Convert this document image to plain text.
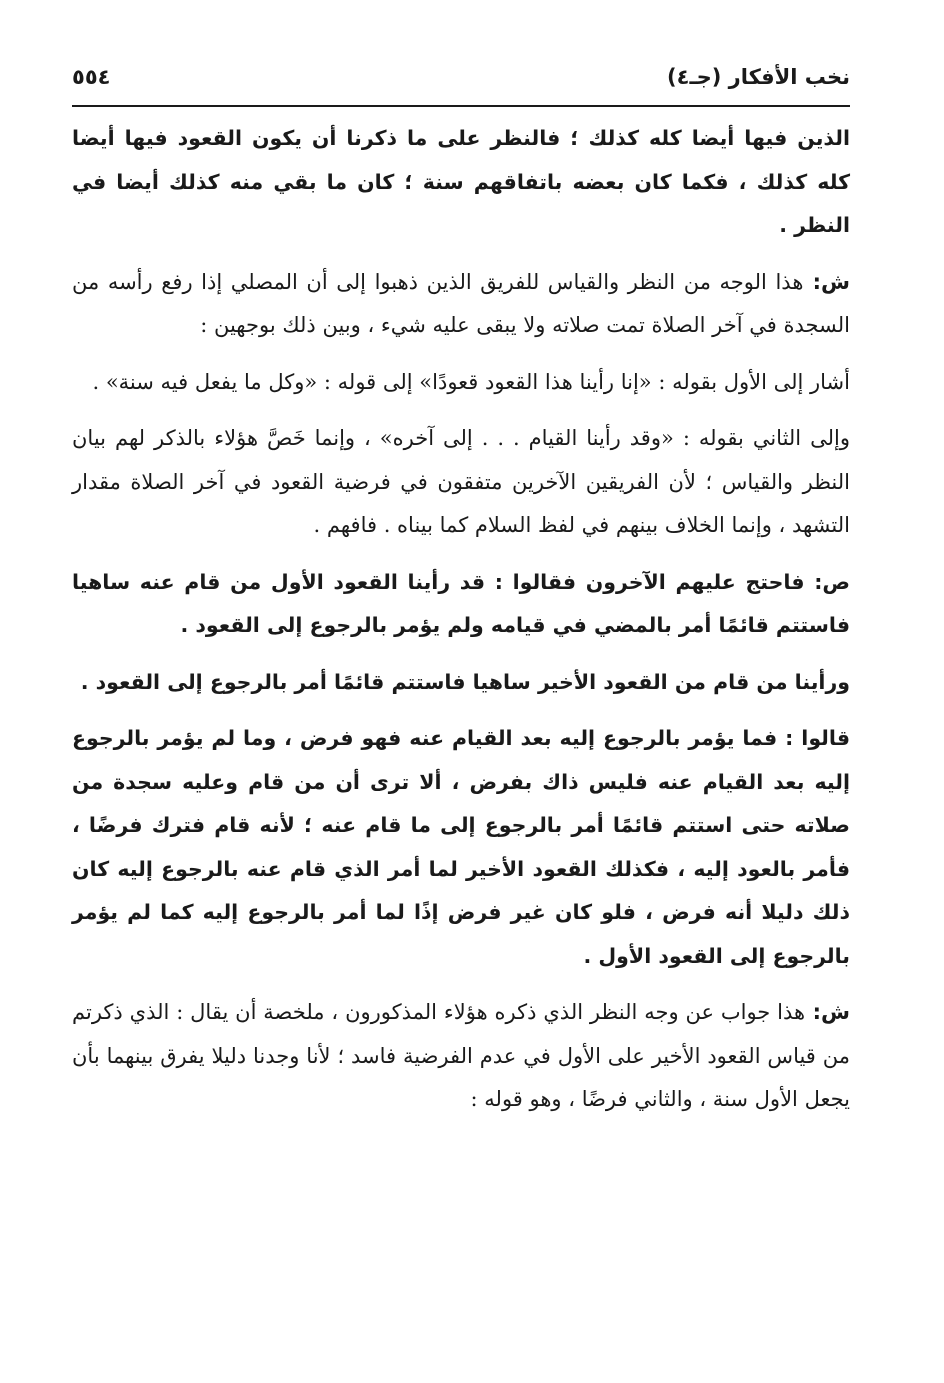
نخب الأفكار (جـ٤)
٥٥٤

الذين فيها أيضا كله كذلك ؛ فالنظر على ما ذكرنا أن يكون القعود فيها أيضا كله كذلك ، فكما كان بعضه باتفاقهم سنة ؛ كان ما بقي منه كذلك أيضا في النظر .

ش: هذا الوجه من النظر والقياس للفريق الذين ذهبوا إلى أن المصلي إذا رفع رأسه من السجدة في آخر الصلاة تمت صلاته ولا يبقى عليه شيء ، وبين ذلك بوجهين :

أشار إلى الأول بقوله : «إنا رأينا هذا القعود قعودًا» إلى قوله : «وكل ما يفعل فيه سنة» .

وإلى الثاني بقوله : «وقد رأينا القيام . . . إلى آخره» ، وإنما خَصَّ هؤلاء بالذكر لهم بيان النظر والقياس ؛ لأن الفريقين الآخرين متفقون في فرضية القعود في آخر الصلاة مقدار التشهد ، وإنما الخلاف بينهم في لفظ السلام كما بيناه . فافهم .

ص: فاحتج عليهم الآخرون فقالوا : قد رأينا القعود الأول من قام عنه ساهيا فاستتم قائمًا أمر بالمضي في قيامه ولم يؤمر بالرجوع إلى القعود .

ورأينا من قام من القعود الأخير ساهيا فاستتم قائمًا أمر بالرجوع إلى القعود .

قالوا : فما يؤمر بالرجوع إليه بعد القيام عنه فهو فرض ، وما لم يؤمر بالرجوع إليه بعد القيام عنه فليس ذاك بفرض ، ألا ترى أن من قام وعليه سجدة من صلاته حتى استتم قائمًا أمر بالرجوع إلى ما قام عنه ؛ لأنه قام فترك فرضًا ، فأمر بالعود إليه ، فكذلك القعود الأخير لما أمر الذي قام عنه بالرجوع إليه كان ذلك دليلا أنه فرض ، فلو كان غير فرض إذًا لما أمر بالرجوع إليه كما لم يؤمر بالرجوع إلى القعود الأول .

ش: هذا جواب عن وجه النظر الذي ذكره هؤلاء المذكورون ، ملخصة أن يقال : الذي ذكرتم من قياس القعود الأخير على الأول في عدم الفرضية فاسد ؛ لأنا وجدنا دليلا يفرق بينهما بأن يجعل الأول سنة ، والثاني فرضًا ، وهو قوله :
